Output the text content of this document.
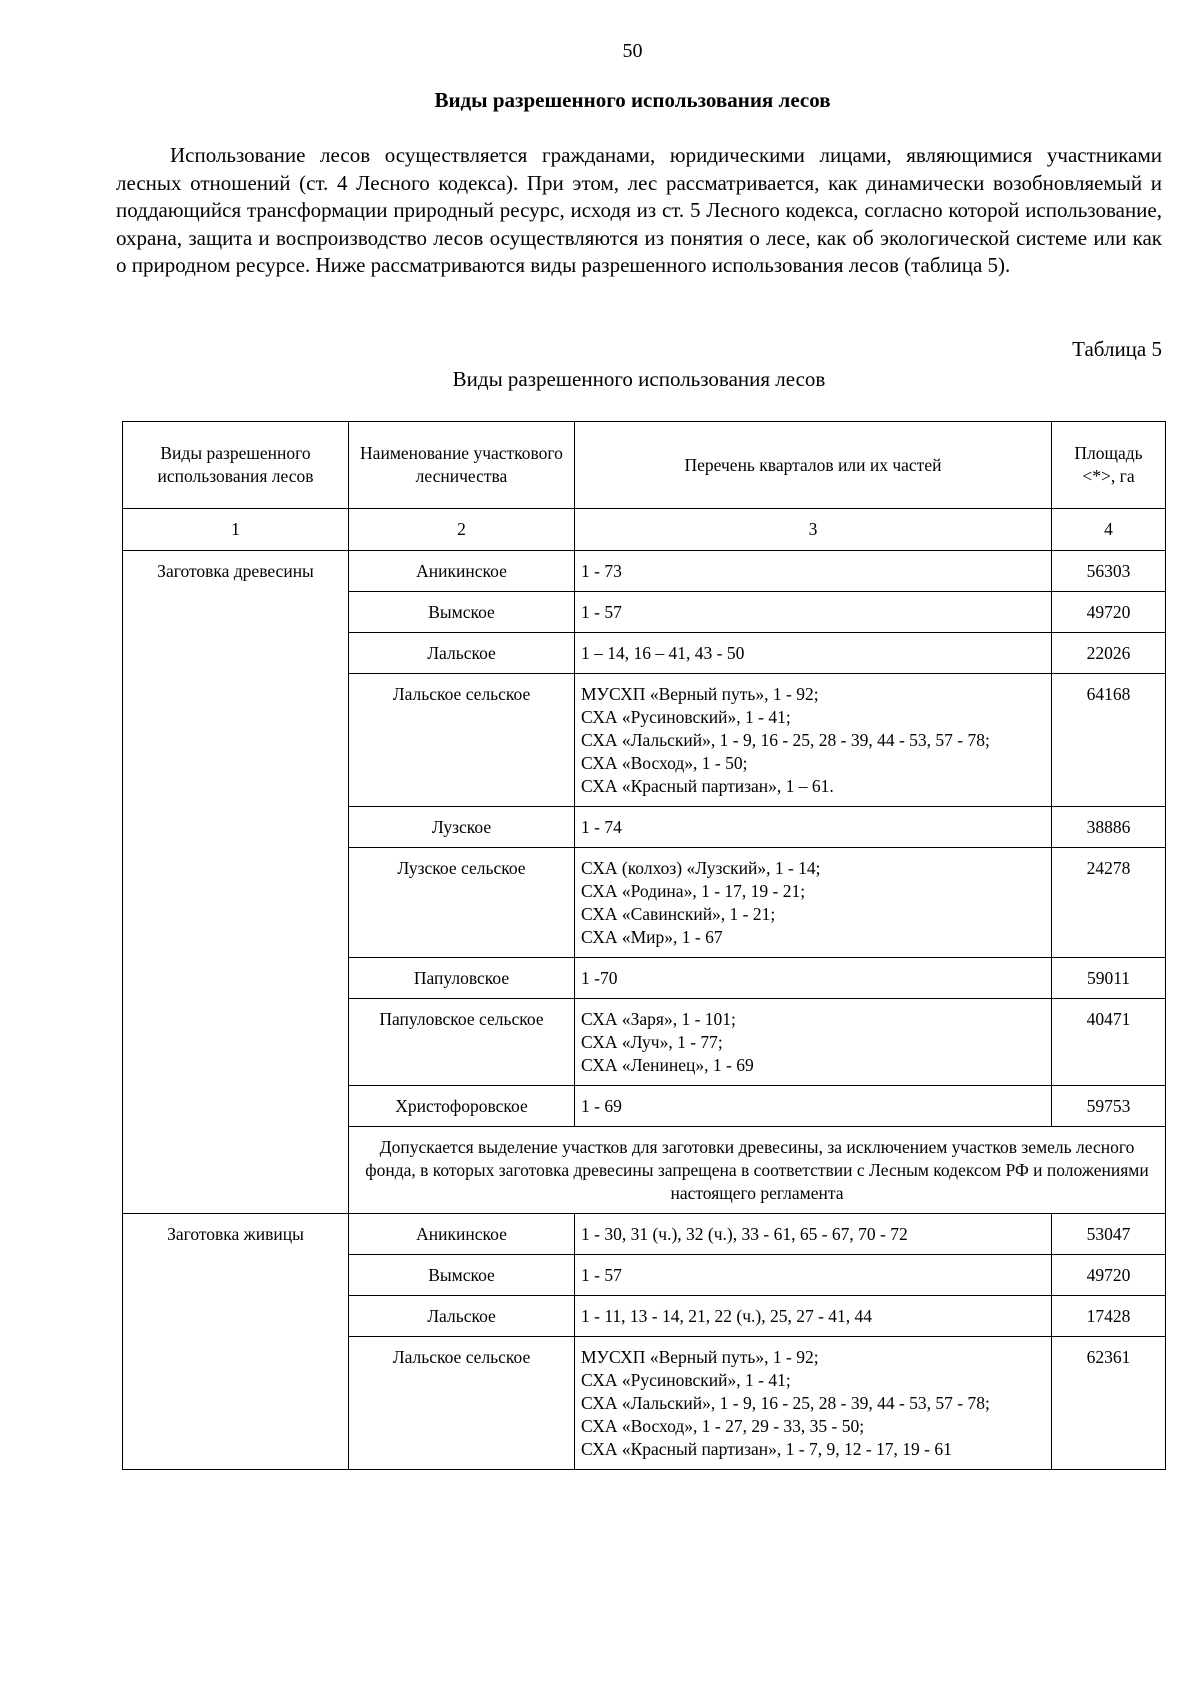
50
Виды разрешенного использования лесов

Использование лесов осуществляется гражданами, юридическими лицами, являющимися участниками лесных отношений (ст. 4 Лесного кодекса). При этом, лес рассматривается, как динамически возобновляемый и поддающийся трансформации природный ресурс, исходя из ст. 5 Лесного кодекса, согласно которой использование, охрана, защита и воспроизводство лесов осуществляются из понятия о лесе, как об экологической системе или как о природном ресурсе. Ниже рассматриваются виды разрешенного использования лесов (таблица 5).

Таблица 5
Виды разрешенного использования лесов
Виды разрешенного использования лесов	Наименование участкового лесничества	Перечень кварталов или их частей	Площадь <*>, га
1	2	3	4
Заготовка древесины	Аникинское	1 - 73	56303
	Вымское	1 - 57	49720
	Лальское	1 – 14, 16 – 41, 43 - 50	22026
	Лальское сельское	МУСХП «Верный путь», 1 - 92;
СХА «Русиновский», 1 - 41;
СХА «Лальский», 1 - 9, 16 - 25, 28 - 39, 44 - 53, 57 - 78;
СХА «Восход», 1 - 50;
СХА «Красный партизан», 1 – 61.	64168
	Лузское	1 - 74	38886
	Лузское сельское	СХА (колхоз) «Лузский», 1 - 14;
СХА «Родина», 1 - 17, 19 - 21;
СХА «Савинский», 1 - 21;
СХА «Мир», 1 - 67	24278
	Папуловское	1 -70	59011
	Папуловское сельское	СХА «Заря», 1 - 101;
СХА «Луч», 1 - 77;
СХА «Ленинец», 1 - 69	40471
	Христофоровское	1 - 69	59753
	Допускается выделение участков для заготовки древесины, за исключением участков земель лесного фонда, в которых заготовка древесины запрещена в соответствии с Лесным кодексом РФ и положениями настоящего регламента		
Заготовка живицы	Аникинское	1 - 30, 31 (ч.), 32 (ч.), 33 - 61, 65 - 67, 70 - 72	53047
	Вымское	1 - 57	49720
	Лальское	1 - 11, 13 - 14, 21, 22 (ч.), 25, 27 - 41, 44	17428
	Лальское сельское	МУСХП «Верный путь», 1 - 92;
СХА «Русиновский», 1 - 41;
СХА «Лальский», 1 - 9, 16 - 25, 28 - 39, 44 - 53, 57 - 78;
СХА «Восход», 1 - 27, 29 - 33, 35 - 50;
СХА «Красный партизан», 1 - 7, 9, 12 - 17, 19 - 61	62361
